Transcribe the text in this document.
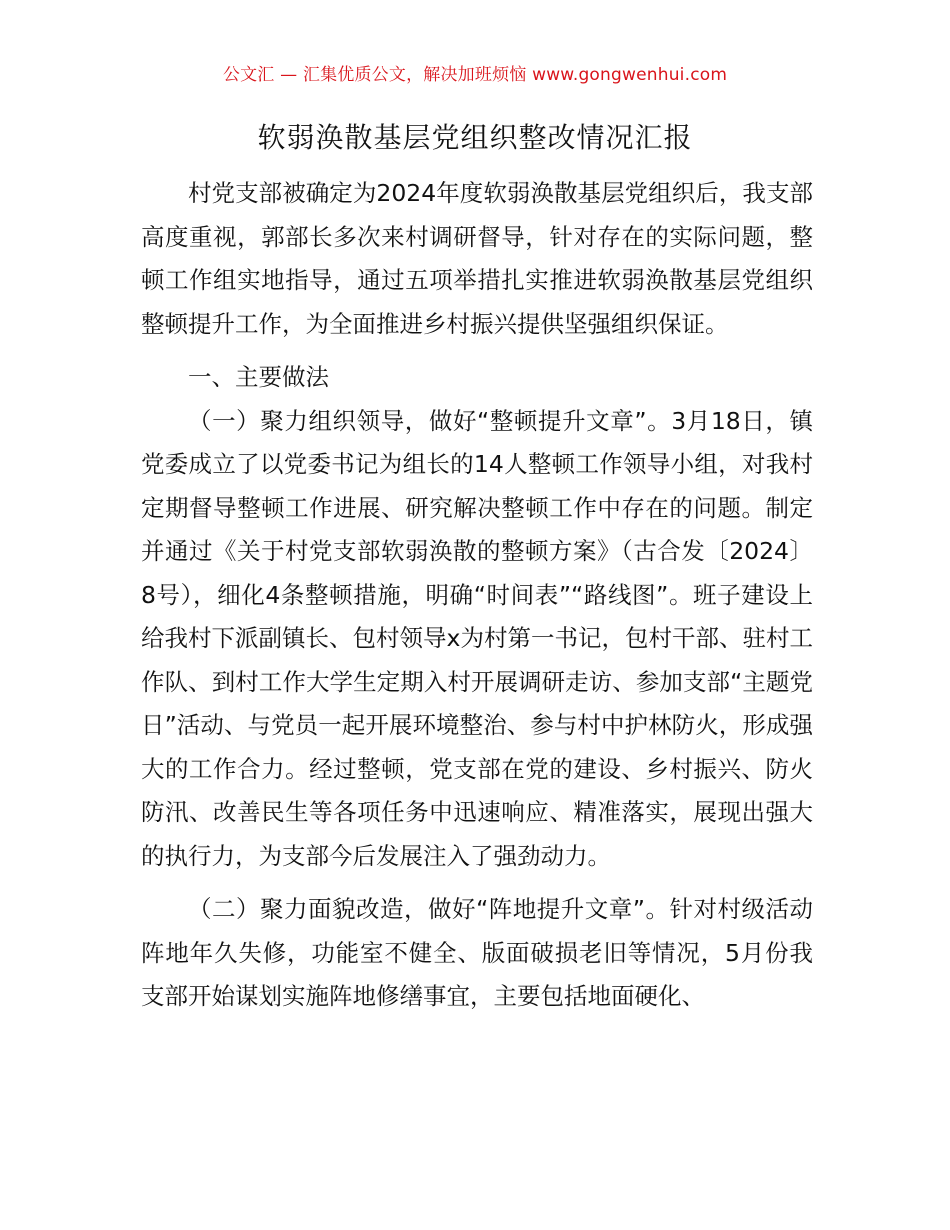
公文汇 — 汇集优质公文，解决加班烦恼 www.gongwenhui.com
软弱涣散基层党组织整改情况汇报

村党支部被确定为2024年度软弱涣散基层党组织后，我支部高度重视，郭部长多次来村调研督导，针对存在的实际问题，整顿工作组实地指导，通过五项举措扎实推进软弱涣散基层党组织整顿提升工作，为全面推进乡村振兴提供坚强组织保证。

一、主要做法

（一）聚力组织领导，做好“整顿提升文章”。3月18日，镇党委成立了以党委书记为组长的14人整顿工作领导小组，对我村定期督导整顿工作进展、研究解决整顿工作中存在的问题。制定并通过《关于村党支部软弱涣散的整顿方案》（古合发〔2024〕8号），细化4条整顿措施，明确“时间表”“路线图”。班子建设上给我村下派副镇长、包村领导x为村第一书记，包村干部、驻村工作队、到村工作大学生定期入村开展调研走访、参加支部“主题党日”活动、与党员一起开展环境整治、参与村中护林防火，形成强大的工作合力。经过整顿，党支部在党的建设、乡村振兴、防火防汛、改善民生等各项任务中迅速响应、精准落实，展现出强大的执行力，为支部今后发展注入了强劲动力。

（二）聚力面貌改造，做好“阵地提升文章”。针对村级活动阵地年久失修，功能室不健全、版面破损老旧等情况，5月份我支部开始谋划实施阵地修缮事宜，主要包括地面硬化、
